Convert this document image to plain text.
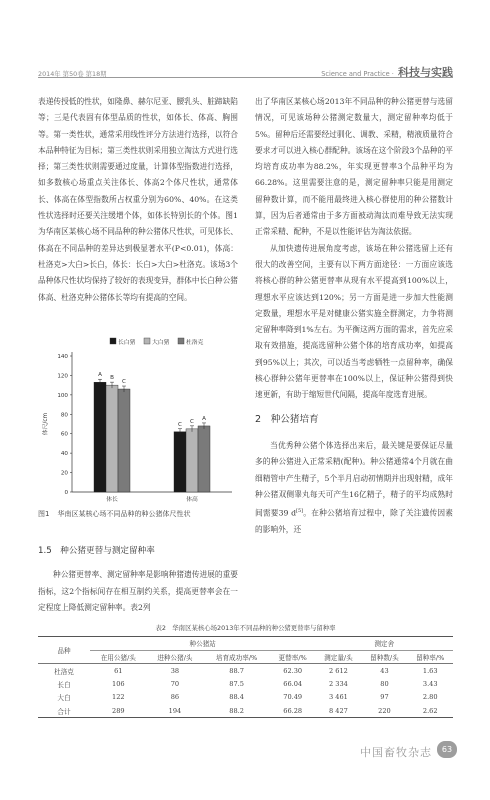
2014年 第50卷 第18期	Science and Practice · 科技与实践

表递传授低的性状，如隆鼻、赫尔尼亚、腰乳头、脏蹄缺陷等；三是代表固有体型品质的性状，如体长、体高、胸围等。第一类性状，通常采用线性评分方法进行选择，以符合本品种特征为目标；第三类性状则采用独立淘汰方式进行选择；第三类性状则需要通过度量，计算体型指数进行选择，如多数核心场重点关注体长、体高2个体尺性状，通常体长、体高在体型指数所占权重分别为60%、40%。在这类性状选择时还要关注缓增个体，如体长特别长的个体。图1为华南区某核心场不同品种的种公猪体尺性状，可见体长、体高在不同品种的差异达到极显著水平(P<0.01)，体高：杜洛克>大白>长白，体长：长白>大白>杜洛克。该场3个品种体尺性状均保持了较好的表现变异，群体中长白种公猪体高、杜洛克种公猪体长等均有提高的空间。

长白猪	大白猪	杜洛克
0
20
40
60
80
100
120
140
体尺/cm
A B
C
体长
C C A
体高
图1 华南区某核心场不同品种的种公猪体尺性状
1.5　种公猪更替与测定留种率

种公猪更替率、测定留种率是影响种猪遗传进展的重要指标，这2个指标间存在相互制约关系，提高更替率会在一定程度上降低测定留种率。表2列

出了华南区某核心场2013年不同品种的种公猪更替与选留情况，可见该场种公猪测定数量大，测定留种率均低于5%。留种后还需要经过驯化、调教、采精，精液质量符合要求才可以进入核心群配种。该场在这个阶段3个品种的平均培育成功率为88.2%，年实现更替率3个品种平均为66.28%。这里需要注意的是，测定留种率只能是用测定留种数计算，而不能用最终进入核心群使用的种公猪数计算，因为后者通常由于多方面被动淘汰而难导致无法实现正常采精、配种，不是以性能评估为淘汰依据。

从加快遗传进展角度考虑，该场在种公猪选留上还有很大的改善空间，主要有以下两方面途径：一方面应该选将核心群的种公猪更替率从现有水平提高到100%以上，理想水平应该达到120%；另一方面是进一步加大性能测定数量，理想水平是对健康公猪实施全群测定，力争将测定留种率降到1%左右。为平衡这两方面的需求，首先应采取有效措施，提高选留种公猪个体的培育成功率，如提高到95%以上；其次，可以适当考虑牺牲一点留种率，确保核心群种公猪年更替率在100%以上，保证种公猪得到快速更新，有助于缩短世代间隔，提高年度选育进展。

2　种公猪培育

当优秀种公猪个体选择出来后，最关键是要保证尽量多的种公猪进入正常采精(配种)。种公猪通常4个月就在曲细精管中产生精子，5个半月启动初情期并出现射精，成年种公猪双侧睾丸每天可产生16亿精子，精子的平均成熟时间需要39 d[5]。在种公猪培育过程中，除了关注遗传因素的影响外，还

表2　华南区某核心场2013年不同品种的种公猪更替率与留种率
品种	种公猪站				测定舍		
	在用公猪/头	进种公猪/头	培育成功率/%	更替率/%	测定量/头	留种数/头	留种率/%
杜洛克	61	38	88.7	62.30	2 612	43	1.63
长白	106	70	87.5	66.04	2 334	80	3.43
大白	122	86	88.4	70.49	3 461	97	2.80
合计	289	194	88.2	66.28	8 427	220	2.62
中国畜牧杂志	63
